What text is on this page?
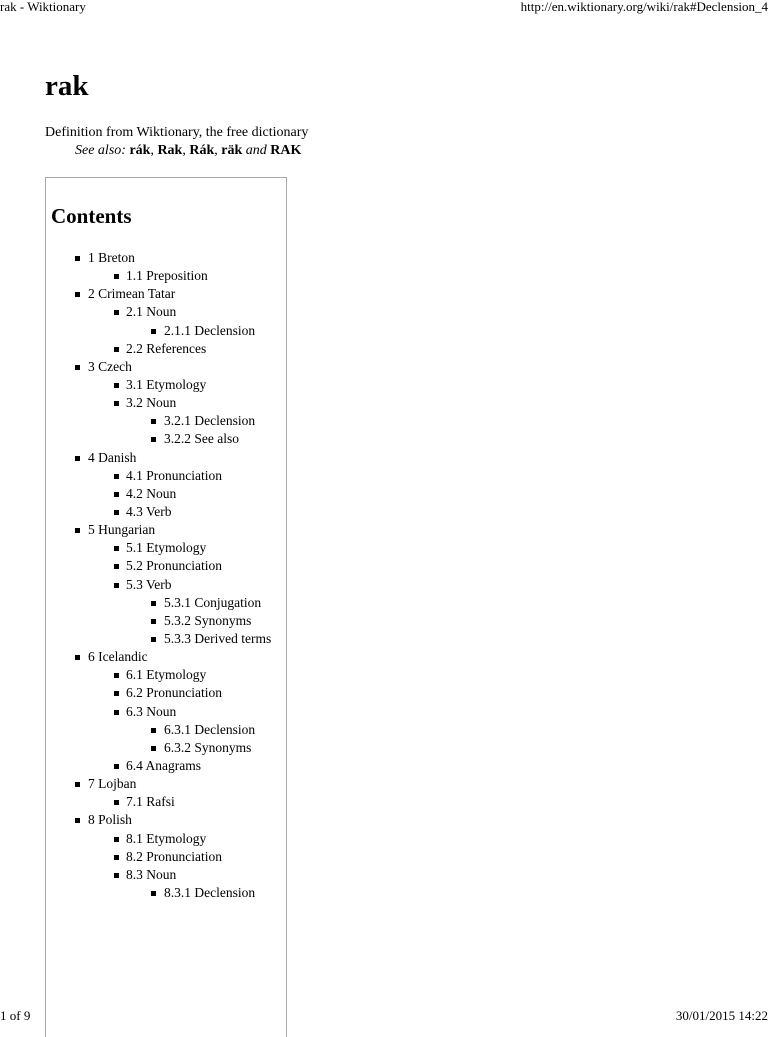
rak - Wiktionary	http://en.wiktionary.org/wiki/rak#Declension_4
rak
Definition from Wiktionary, the free dictionary
See also: rák, Rak, Rák, räk and RAK
Contents
1 Breton
1.1 Preposition
2 Crimean Tatar
2.1 Noun
2.1.1 Declension
2.2 References
3 Czech
3.1 Etymology
3.2 Noun
3.2.1 Declension
3.2.2 See also
4 Danish
4.1 Pronunciation
4.2 Noun
4.3 Verb
5 Hungarian
5.1 Etymology
5.2 Pronunciation
5.3 Verb
5.3.1 Conjugation
5.3.2 Synonyms
5.3.3 Derived terms
6 Icelandic
6.1 Etymology
6.2 Pronunciation
6.3 Noun
6.3.1 Declension
6.3.2 Synonyms
6.4 Anagrams
7 Lojban
7.1 Rafsi
8 Polish
8.1 Etymology
8.2 Pronunciation
8.3 Noun
8.3.1 Declension
1 of 9	30/01/2015 14:22
